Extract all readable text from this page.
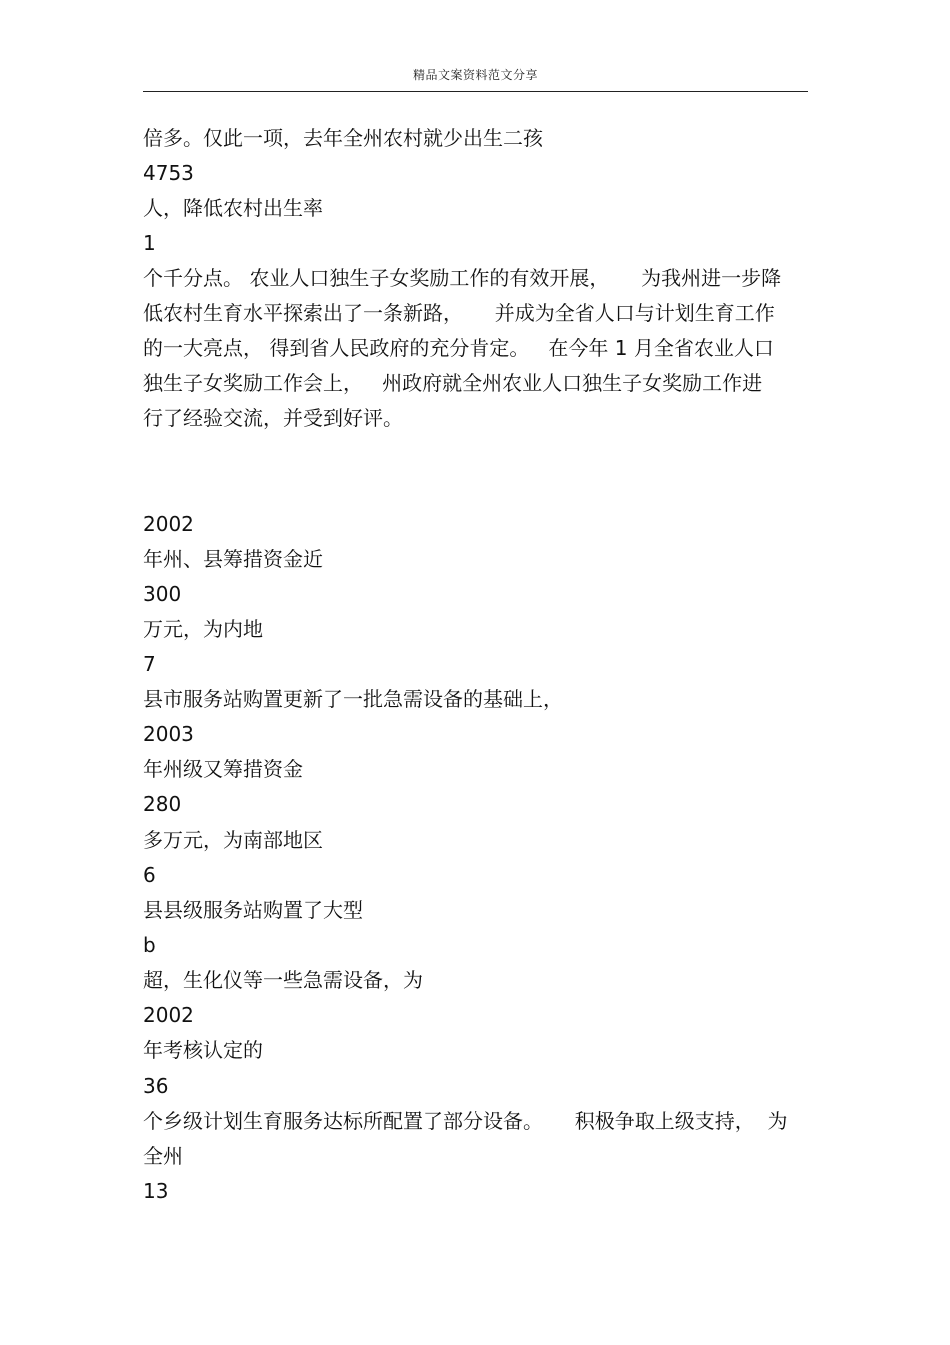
精品文案资料范文分享
倍多。仅此一项，去年全州农村就少出生二孩
4753
人，降低农村出生率
1
个千分点。 农业人口独生子女奖励工作的有效开展，     为我州进一步降
低农村生育水平探索出了一条新路，     并成为全省人口与计划生育工作
的一大亮点， 得到省人民政府的充分肯定。   在今年 1 月全省农业人口
独生子女奖励工作会上，   州政府就全州农业人口独生子女奖励工作进
行了经验交流，并受到好评。
2002
年州、县筹措资金近
300
万元，为内地
7
县市服务站购置更新了一批急需设备的基础上，
2003
年州级又筹措资金
280
多万元，为南部地区
6
县县级服务站购置了大型
b
超，生化仪等一些急需设备，为
2002
年考核认定的
36
个乡级计划生育服务达标所配置了部分设备。     积极争取上级支持，  为
全州
13
